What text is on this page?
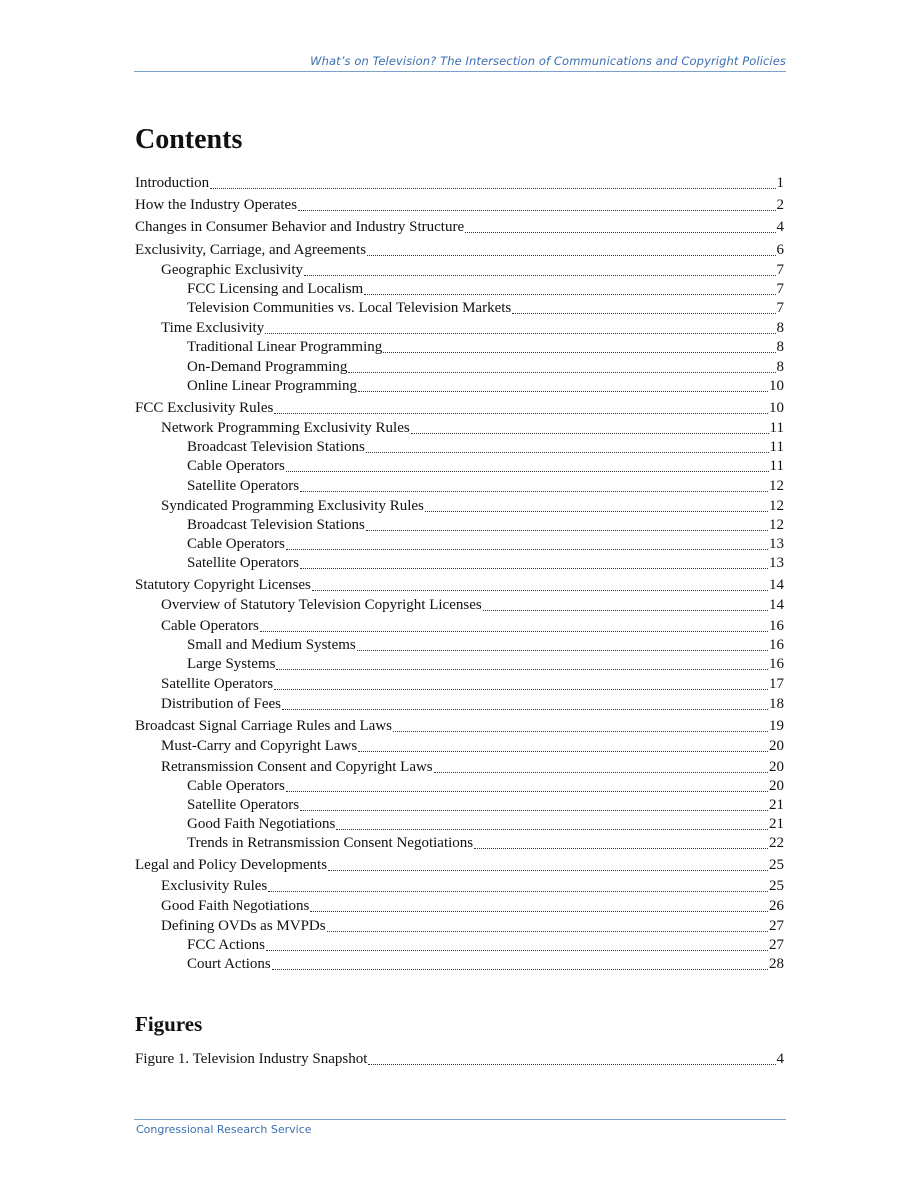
What’s on Television? The Intersection of Communications and Copyright Policies
Contents
Introduction	1
How the Industry Operates	2
Changes in Consumer Behavior and Industry Structure	4
Exclusivity, Carriage, and Agreements	6
Geographic Exclusivity	7
FCC Licensing and Localism	7
Television Communities vs. Local Television Markets	7
Time Exclusivity	8
Traditional Linear Programming	8
On-Demand Programming	8
Online Linear Programming	10
FCC Exclusivity Rules	10
Network Programming Exclusivity Rules	11
Broadcast Television Stations	11
Cable Operators	11
Satellite Operators	12
Syndicated Programming Exclusivity Rules	12
Broadcast Television Stations	12
Cable Operators	13
Satellite Operators	13
Statutory Copyright Licenses	14
Overview of Statutory Television Copyright Licenses	14
Cable Operators	16
Small and Medium Systems	16
Large Systems	16
Satellite Operators	17
Distribution of Fees	18
Broadcast Signal Carriage Rules and Laws	19
Must-Carry and Copyright Laws	20
Retransmission Consent and Copyright Laws	20
Cable Operators	20
Satellite Operators	21
Good Faith Negotiations	21
Trends in Retransmission Consent Negotiations	22
Legal and Policy Developments	25
Exclusivity Rules	25
Good Faith Negotiations	26
Defining OVDs as MVPDs	27
FCC Actions	27
Court Actions	28
Figures
Figure 1. Television Industry Snapshot	4
Congressional Research Service
